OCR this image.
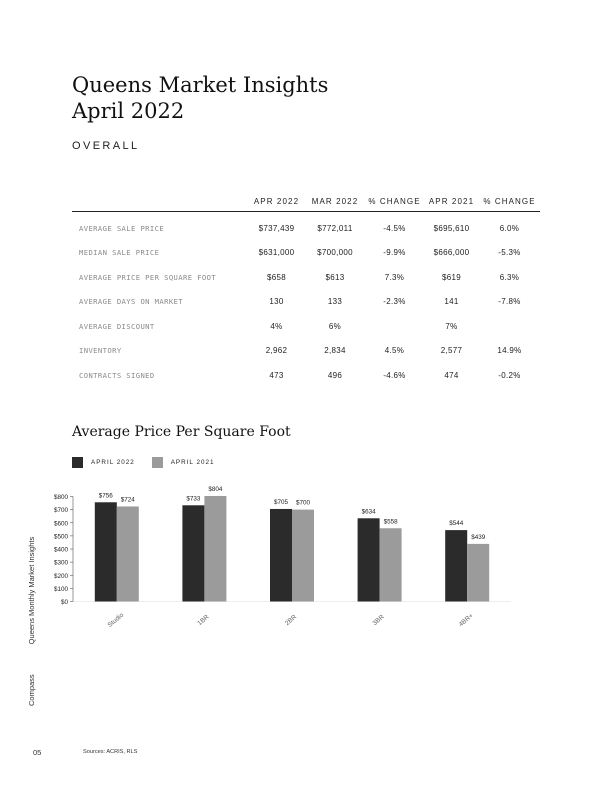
Queens Market Insights
April 2022
OVERALL
	APR 2022	MAR 2022	% CHANGE	APR 2021	% CHANGE
AVERAGE SALE PRICE	$737,439	$772,011	-4.5%	$695,610	6.0%
MEDIAN SALE PRICE	$631,000	$700,000	-9.9%	$666,000	-5.3%
AVERAGE PRICE PER SQUARE FOOT	$658	$613	7.3%	$619	6.3%
AVERAGE DAYS ON MARKET	130	133	-2.3%	141	-7.8%
AVERAGE DISCOUNT	4%	6%		7%	
INVENTORY	2,962	2,834	4.5%	2,577	14.9%
CONTRACTS SIGNED	473	496	-4.6%	474	-0.2%
Average Price Per Square Foot
APRIL 2022	APRIL 2021
$0
$100
$200
$300
$400
$500
$600
$700
$800	$756
$724
Studio
$733
$804
1BR
$705 $700
2BR
$634
$558
3BR
$544
$439
4BR+
CompassQueens Monthly Market Insights
05	Sources: ACRIS, RLS
